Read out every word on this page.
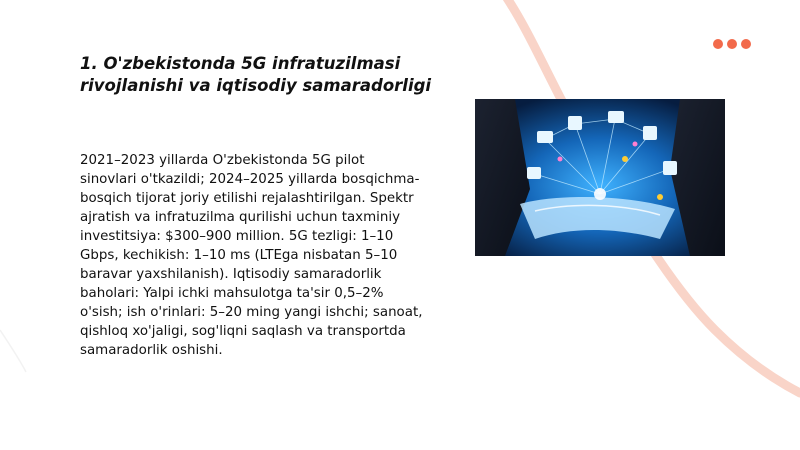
1. O'zbekistonda 5G infratuzilmasi rivojlanishi va iqtisodiy samaradorligi

2021–2023 yillarda O'zbekistonda 5G pilot sinovlari o'tkazildi; 2024–2025 yillarda bosqichma-bosqich tijorat joriy etilishi rejalashtirilgan. Spektr ajratish va infratuzilma qurilishi uchun taxminiy investitsiya: $300–900 million. 5G tezligi: 1–10 Gbps, kechikish: 1–10 ms (LTEga nisbatan 5–10 baravar yaxshilanish). Iqtisodiy samaradorlik baholari: Yalpi ichki mahsulotga ta'sir 0,5–2% o'sish; ish o'rinlari: 5–20 ming yangi ishchi; sanoat, qishloq xo'jaligi, sog'liqni saqlash va transportda samaradorlik oshishi.
